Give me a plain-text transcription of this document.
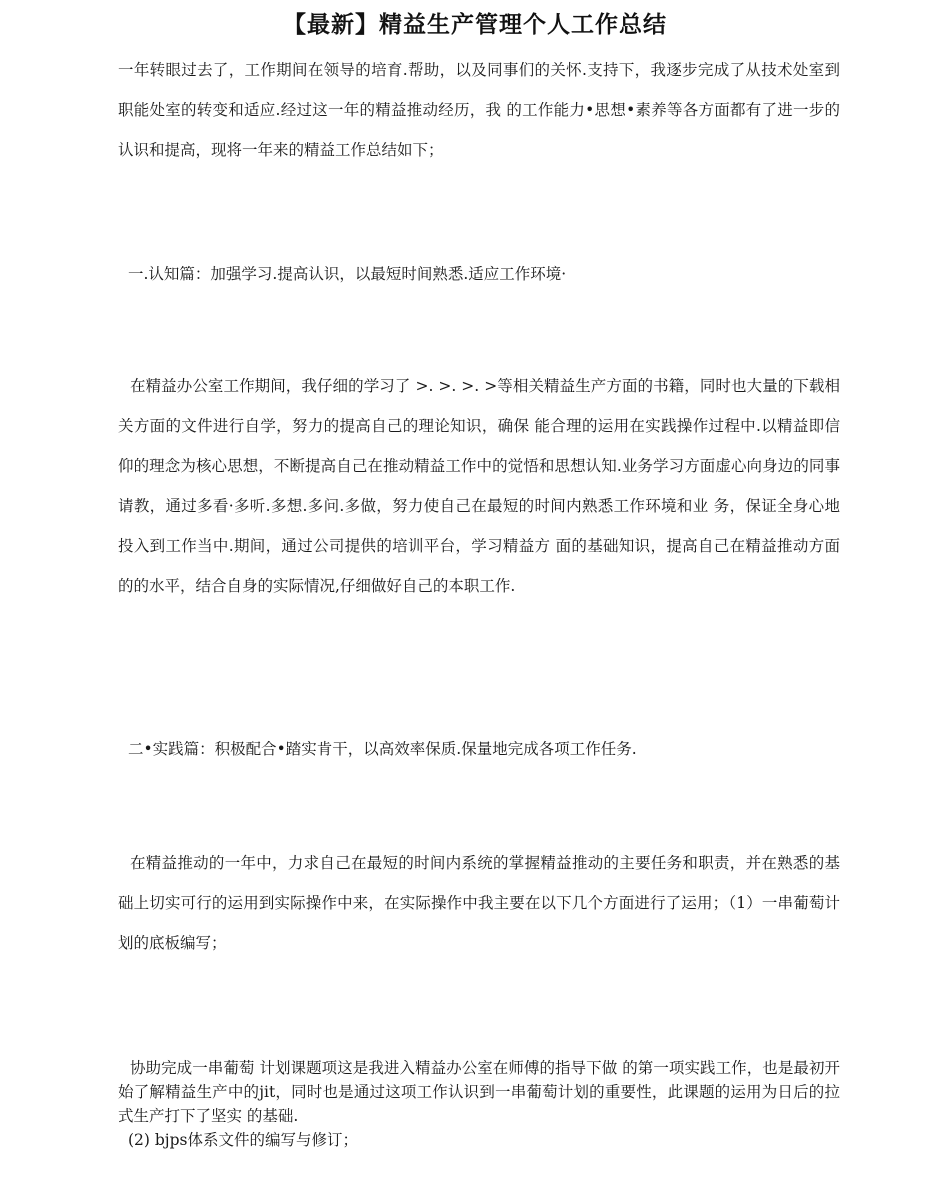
【最新】精益生产管理个人工作总结
一年转眼过去了，工作期间在领导的培育.帮助，以及同事们的关怀.支持下，我逐步完成了从技术处室到职能处室的转变和适应.经过这一年的精益推动经历，我 的工作能力•思想•素养等各方面都有了进一步的认识和提高，现将一年来的精益工作总结如下；
一.认知篇：加强学习.提高认识，以最短时间熟悉.适应工作环境·
在精益办公室工作期间，我仔细的学习了 >. >. >. >等相关精益生产方面的书籍，同时也大量的下载相关方面的文件进行自学，努力的提高自己的理论知识，确保 能合理的运用在实践操作过程中.以精益即信仰的理念为核心思想，不断提高自己在推动精益工作中的觉悟和思想认知.业务学习方面虚心向身边的同事请教，通过多看·多听.多想.多问.多做，努力使自己在最短的时间内熟悉工作环境和业 务，保证全身心地投入到工作当中.期间，通过公司提供的培训平台，学习精益方 面的基础知识，提高自己在精益推动方面的的水平，结合自身的实际情况,仔细做好自己的本职工作.
二•实践篇：积极配合•踏实肯干，以高效率保质.保量地完成各项工作任务.
在精益推动的一年中，力求自己在最短的时间内系统的掌握精益推动的主要任务和职责，并在熟悉的基础上切实可行的运用到实际操作中来，在实际操作中我主要在以下几个方面进行了运用；（1）一串葡萄计划的底板编写；
协助完成一串葡萄 计划课题项这是我进入精益办公室在师傅的指导下做 的第一项实践工作，也是最初开始了解精益生产中的jit，同时也是通过这项工作认识到一串葡萄计划的重要性，此课题的运用为日后的拉式生产打下了坚实 的基础.
(2) bjps体系文件的编写与修订；
